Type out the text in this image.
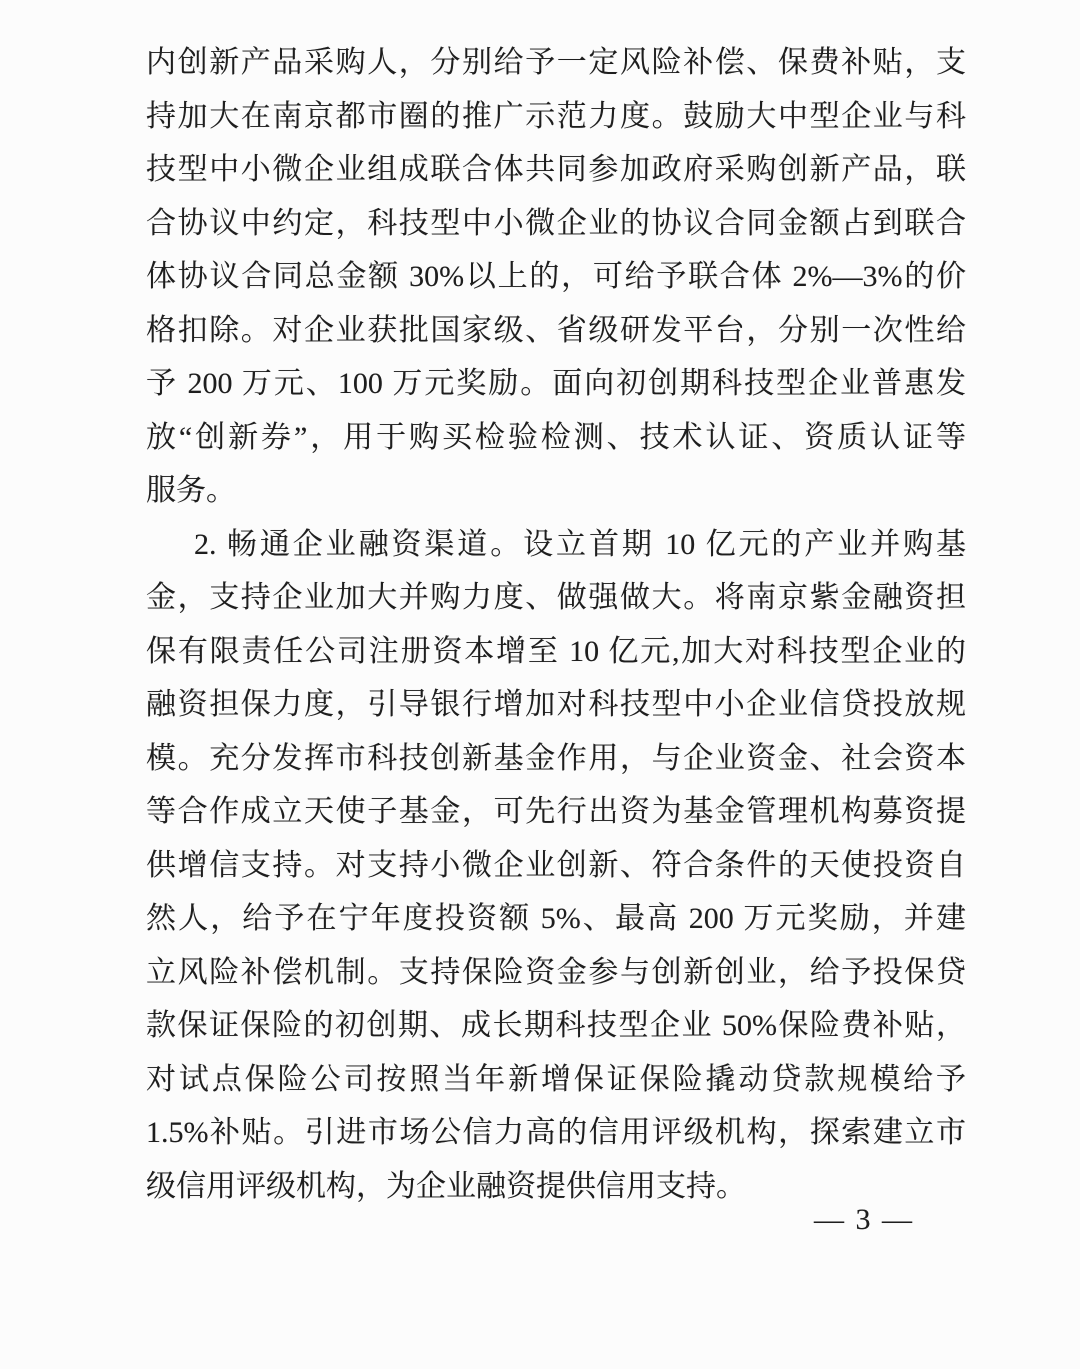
内创新产品采购人，分别给予一定风险补偿、保费补贴，支
持加大在南京都市圈的推广示范力度。鼓励大中型企业与科
技型中小微企业组成联合体共同参加政府采购创新产品，联
合协议中约定，科技型中小微企业的协议合同金额占到联合
体协议合同总金额 30%以上的，可给予联合体 2%—3%的价
格扣除。对企业获批国家级、省级研发平台，分别一次性给
予 200 万元、100 万元奖励。面向初创期科技型企业普惠发
放“创新券”，用于购买检验检测、技术认证、资质认证等
服务。
2. 畅通企业融资渠道。设立首期 10 亿元的产业并购基
金，支持企业加大并购力度、做强做大。将南京紫金融资担
保有限责任公司注册资本增至 10 亿元,加大对科技型企业的
融资担保力度，引导银行增加对科技型中小企业信贷投放规
模。充分发挥市科技创新基金作用，与企业资金、社会资本
等合作成立天使子基金，可先行出资为基金管理机构募资提
供增信支持。对支持小微企业创新、符合条件的天使投资自
然人，给予在宁年度投资额 5%、最高 200 万元奖励，并建
立风险补偿机制。支持保险资金参与创新创业，给予投保贷
款保证保险的初创期、成长期科技型企业 50%保险费补贴，
对试点保险公司按照当年新增保证保险撬动贷款规模给予
1.5%补贴。引进市场公信力高的信用评级机构，探索建立市
级信用评级机构，为企业融资提供信用支持。
— 3 —
